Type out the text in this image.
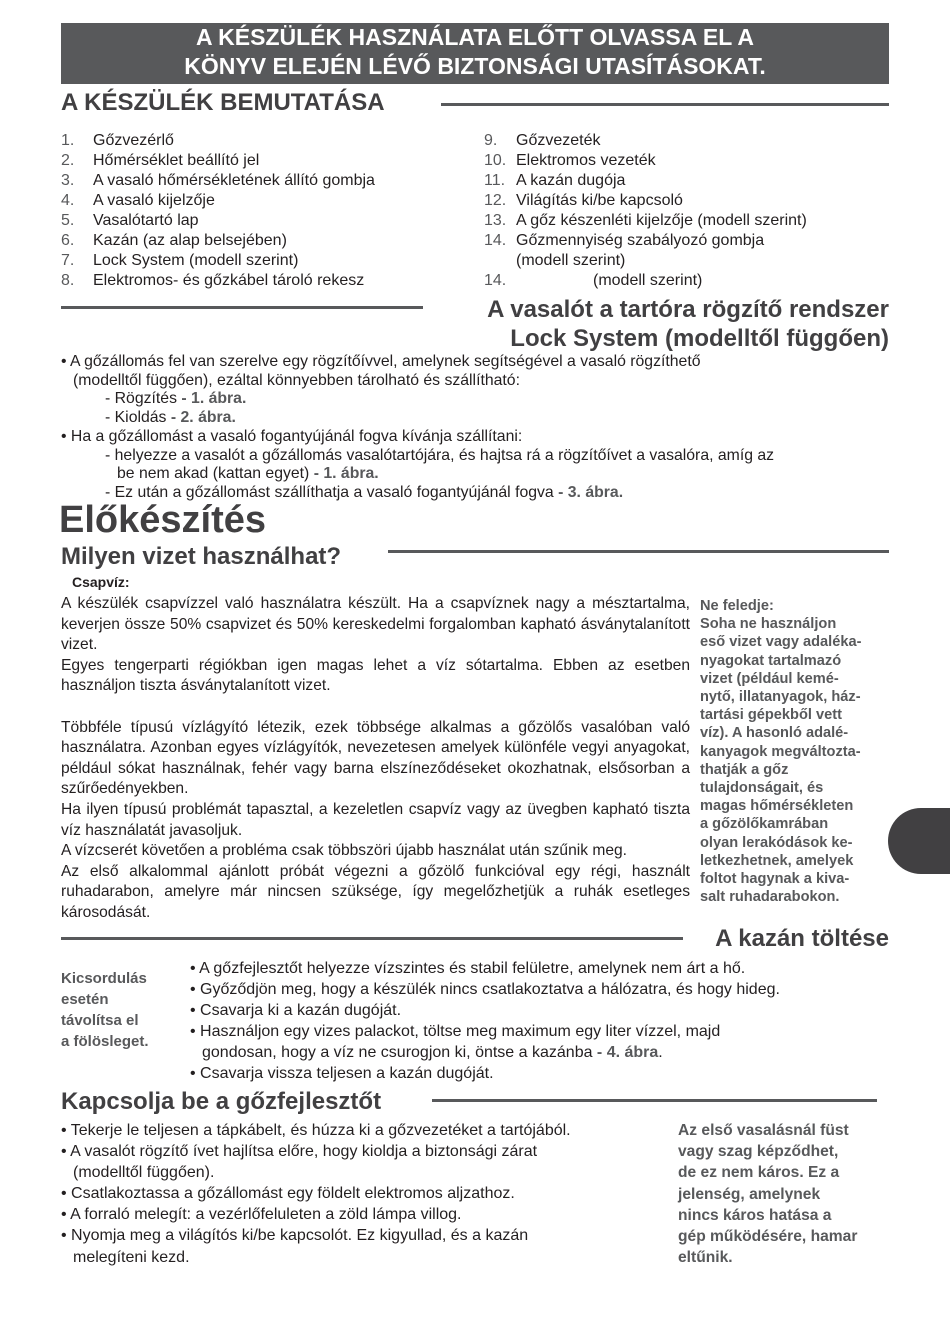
A KÉSZÜLÉK HASZNÁLATA ELŐTT OLVASSA EL A
KÖNYV ELEJÉN LÉVŐ BIZTONSÁGI UTASÍTÁSOKAT.
A KÉSZÜLÉK BEMUTATÁSA
1.	Gőzvezérlő
2.	Hőmérséklet beállító jel
3.	A vasaló hőmérsékletének állító gombja
4.	A vasaló kijelzője
5.	Vasalótartó lap
6.	Kazán (az alap belsejében)
7.	Lock System (modell szerint)
8.	Elektromos- és gőzkábel tároló rekesz
9.	Gőzvezeték
10. Elektromos vezeték
11. A kazán dugója
12. Világítás ki/be kapcsoló
13. A gőz készenléti kijelzője (modell szerint)
14. Gőzmennyiség szabályozó gombja
(modell szerint)
14.	(modell szerint)
A vasalót a tartóra rögzítő rendszer
Lock System (modelltől függően)

• A gőzállomás fel van szerelve egy rögzítőívvel, amelynek segítségével a vasaló rögzíthető

(modelltől függően), ezáltal könnyebben tárolható és szállítható:

- Rögzítés - 1. ábra.

- Kioldás - 2. ábra.

• Ha a gőzállomást a vasaló fogantyújánál fogva kívánja szállítani:

- helyezze a vasalót a gőzállomás vasalótartójára, és hajtsa rá a rögzítőívet a vasalóra, amíg az

be nem akad (kattan egyet) - 1. ábra.

- Ez után a gőzállomást szállíthatja a vasaló fogantyújánál fogva - 3. ábra.

Előkészítés
Milyen vizet használhat?
Csapvíz:

A készülék csapvízzel való használatra készült. Ha a csapvíznek nagy a mésztartalma, keverjen össze 50% csapvizet és 50% kereskedelmi forgalomban kapható ásványtalanított vizet.

Egyes tengerparti régiókban igen magas lehet a víz sótartalma. Ebben az esetben használjon tiszta ásványtalanított vizet.

Többféle típusú vízlágyító létezik, ezek többsége alkalmas a gőzölős vasalóban való használatra. Azonban egyes vízlágyítók, nevezetesen amelyek különféle vegyi anyagokat, például sókat használnak, fehér vagy barna elszíneződéseket okozhatnak, elsősorban a szűrőedényekben.

Ha ilyen típusú problémát tapasztal, a kezeletlen csapvíz vagy az üvegben kapható tiszta víz használatát javasoljuk.

A vízcserét követően a probléma csak többszöri újabb használat után szűnik meg.

Az első alkalommal ajánlott próbát végezni a gőzölő funkcióval egy régi, használt ruhadarabon, amelyre már nincsen szüksége, így megelőzhetjük a ruhák esetleges károsodását.

Ne feledje:
Soha ne használjon
eső vizet vagy adaléka-
nyagokat tartalmazó
vizet (például kemé-
nytő, illatanyagok, ház-
tartási gépekből vett
víz). A hasonló adalé-
kanyagok megváltozta-
thatják a gőz
tulajdonságait, és
magas hőmérsékleten
a gőzölőkamrában
olyan lerakódások ke-
letkezhetnek, amelyek
foltot hagynak a kiva-
salt ruhadarabokon.
A kazán töltése
Kicsordulás
esetén
távolítsa el
a fölösleget.

• A gőzfejlesztőt helyezze vízszintes és stabil felületre, amelynek nem árt a hő.

• Győződjön meg, hogy a készülék nincs csatlakoztatva a hálózatra, és hogy hideg.

• Csavarja ki a kazán dugóját.

• Használjon egy vizes palackot, töltse meg maximum egy liter vízzel, majd

gondosan, hogy a víz ne csurogjon ki, öntse a kazánba - 4. ábra.

• Csavarja vissza teljesen a kazán dugóját.

Kapcsolja be a gőzfejlesztőt

• Tekerje le teljesen a tápkábelt, és húzza ki a gőzvezetéket a tartójából.

• A vasalót rögzítő ívet hajlítsa előre, hogy kioldja a biztonsági zárat

(modelltől függően).

• Csatlakoztassa a gőzállomást egy földelt elektromos aljzathoz.

• A forraló melegít: a vezérlőfeluleten a zöld lámpa villog.

• Nyomja meg a világítós ki/be kapcsolót. Ez kigyullad, és a kazán

melegíteni kezd.

Az első vasalásnál füst
vagy szag képződhet,
de ez nem káros. Ez a
jelenség, amelynek
nincs káros hatása a
gép működésére, hamar
eltűnik.
